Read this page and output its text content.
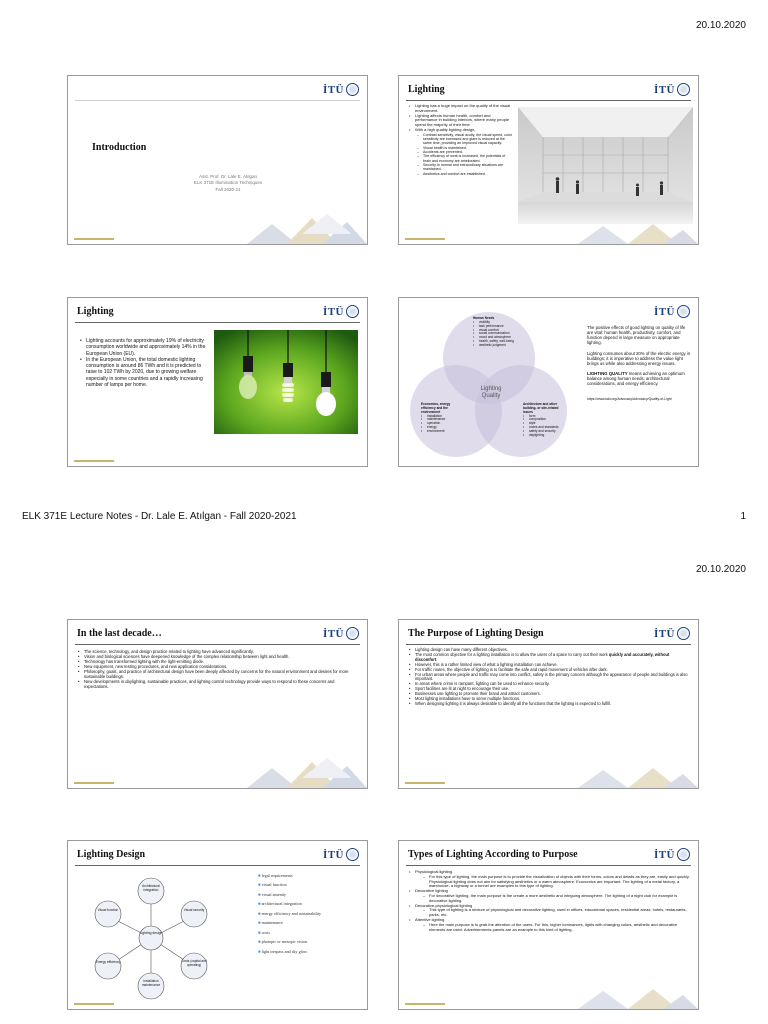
20.10.2020
İTÜ
Introduction
Asst. Prof. Dr. Lale E. Atılgan
ELK 371E Illumination Techniques
Fall 2020-21
Lighting	İTÜ
• Lighting has a huge impact on the quality of the visual environment.
• Lighting affects human health, comfort and performance in building interiors, where many people spend the majority of their time.
• With a high quality lighting design,
– Contrast sensitivity, visual acuity, the visual speed, color sensitivity are increased and glare is reduced at the same time, providing an improved visual capacity.
– Visual health is maintained.
– Accidents are prevented.
– The efficiency of work is increased, the potentials of brain and economy are ameliorated.
– Security in normal and extraordinary situations are maintained.
– Aesthetics and comfort are established.
Lighting	İTÜ
• Lighting accounts for approximately 19% of electricity consumption worldwide and approximately 14% in the European Union (EU).
• In the European Union, the total domestic lighting consumption is around 86 TWh and it is predicted to raise to 102 TWh by 2020, due to growing welfare especially in some countries and a rapidly increasing number of lamps per home.
İTÜ
Lighting
Quality
Human Needs
• visibility
• task performance
• visual comfort
• social communication
• mood and atmosphere
• health, safety, well-being
• aesthetic judgment
Economics, energy efficiency and the environment
• installation
• maintenance
• operation
• energy
• environment
Architecture and other building- or site-related issues
• form
• composition
• style
• codes and standards
• safety and security
• daylighting

The positive effects of good lighting on quality of life are vital: human health, productivity, comfort, and function depend in large measure on appropriate lighting.

Lighting consumes about 20% of the electric energy in buildings; it is imperative to address the value light brings us while also addressing energy issues.

LIGHTING QUALITY means achieving an optimum balance among human needs, architectural considerations, and energy efficiency.

https://www.iald.org/Advocacy/Advocacy/Quality-of-Light

ELK 371E Lecture Notes - Dr. Lale E. Atılgan - Fall 2020-2021	1
20.10.2020
In the last decade…	İTÜ
• The science, technology, and design practice related to lighting have advanced significantly.
• Vision and biological sciences have deepened knowledge of the complex relationship between light and health.
• Technology has transformed lighting with the light-emitting diode.
• New equipment, new testing procedures, and new application considerations.
• Philosophy, goals, and practice of architectural design have been deeply affected by concerns for the natural environment and desires for more sustainable buildings.
• New developments in daylighting, sustainable practices, and lighting control technology provide ways to respond to these concerns and expectations.
The Purpose of Lighting Design	İTÜ
• Lighting design can have many different objectives.
• The most common objective for a lighting installation is to allow the users of a space to carry out their work quickly and accurately, without discomfort.
• However, this is a rather limited view of what a lighting installation can achieve.
• For traffic routes, the objective of lighting is to facilitate the safe and rapid movement of vehicles after dark.
• For urban areas where people and traffic may come into conflict, safety is the primary concern although the appearance of people and buildings is also important.
• In areas where crime is rampant, lighting can be used to enhance security.
• Sport facilities are lit at night to encourage their use.
• Businesses use lighting to promote their brand and attract customers.
• Most lighting installations have to serve multiple functions.
• When designing lighting it is always desirable to identify all the functions that the lighting is expected to fulfill.
Lighting Design	İTÜ
Lighting design
Architectural integration
Visual security
Costs (capital and operating)
Installation maintenance
Energy efficiency
Visual function
■ legal requirements
■ visual function
■ visual amenity
■ architectural integration
■ energy efficiency and sustainability
■ maintenance
■ costs
■ photopic or mesopic vision
■ light trespass and sky glow.
Types of Lighting According to Purpose	İTÜ
• Physiological lighting
– For this type of lighting, the main purpose is to provide the visualization of objects with their forms, colors and details as they are, easily and quickly. Physiological lighting does not aim for satisfying aesthetics or a warm atmosphere. Economics are important. The lighting of a metal factory, a warehouse, a highway or a tunnel are examples to this type of lighting.
• Decorative lighting
– For decorative lighting, the main purpose is the create a more aesthetic and intriguing atmosphere. The lighting of a night club for example is decorative lighting.
• Decorative-physiological lighting
– This type of lighting is a mixture of physiological and decorative lighting, used in offices, educational spaces, residential areas, hotels, restaurants, parks, etc.
• Attentive lighting
– Here the main purpose is to grab the attention of the users. For this, higher luminances, lights with changing colors, aesthetic and decorative elements are used. Advertisements panels are an example to this kind of lighting.
